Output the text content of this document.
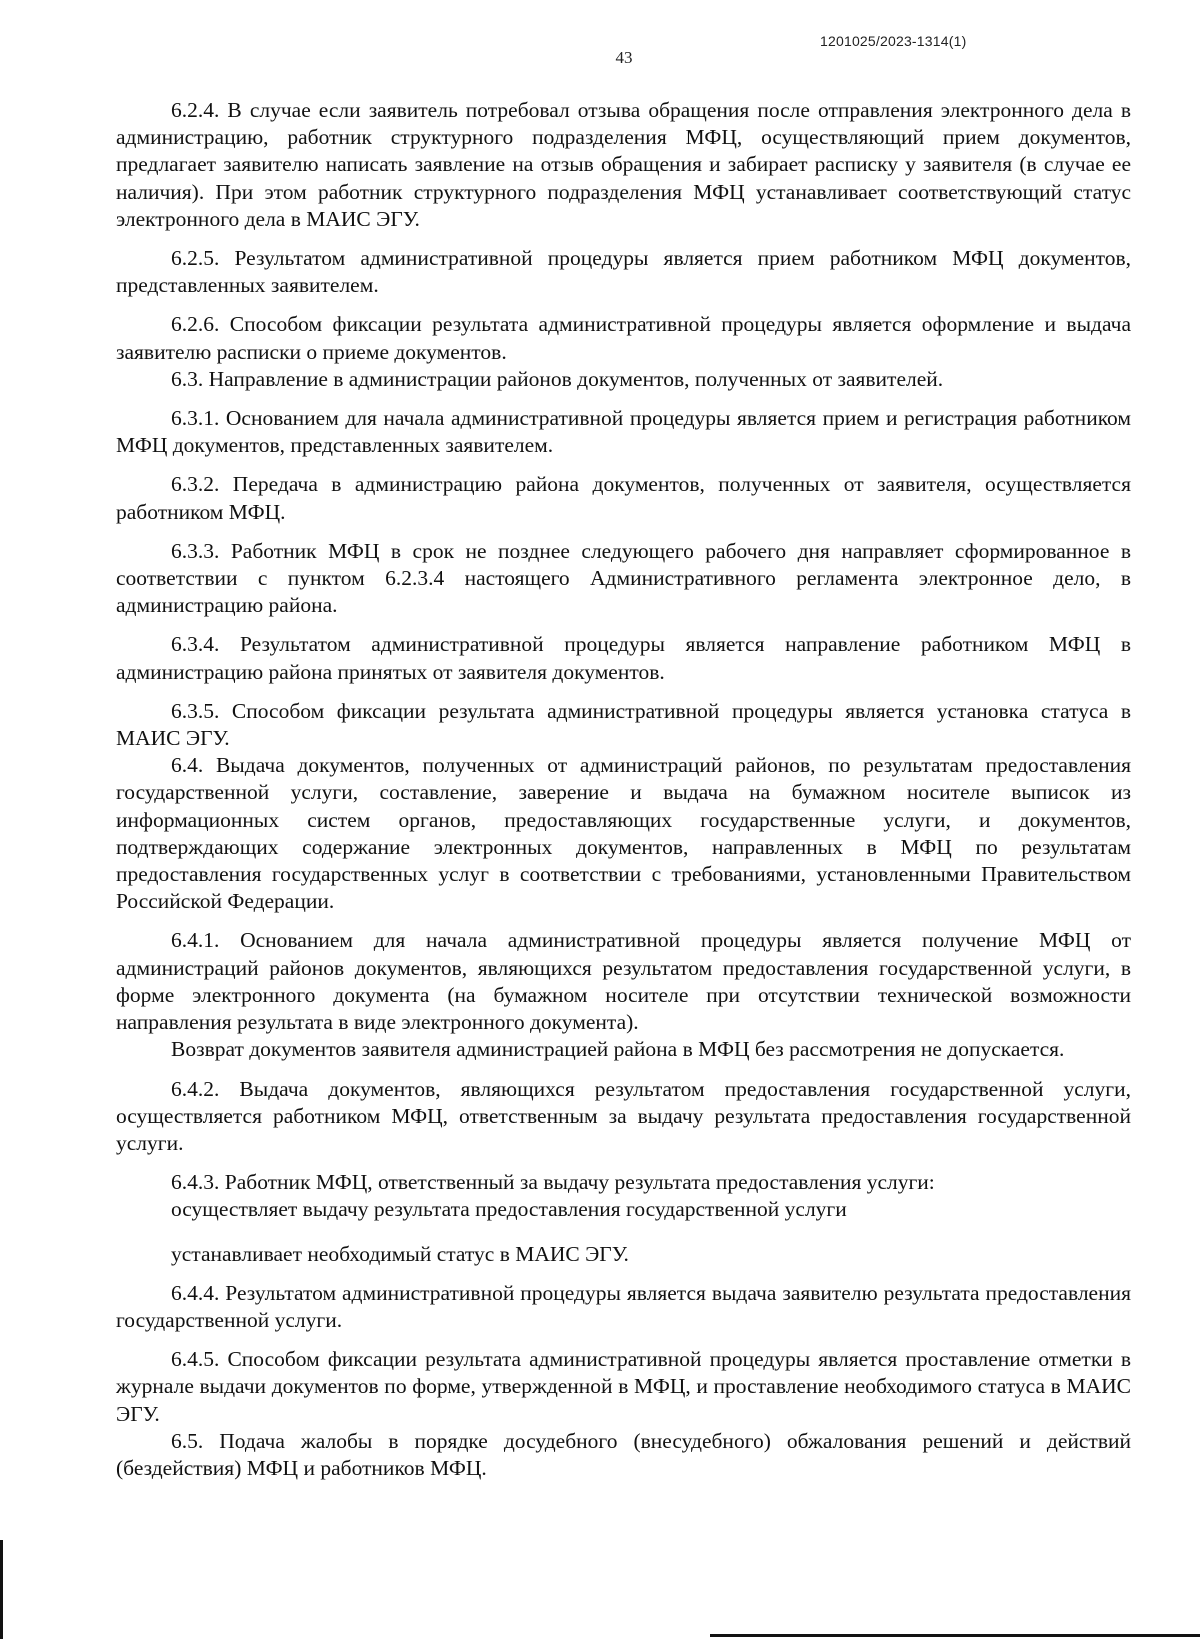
1201025/2023-1314(1)
43

6.2.4. В случае если заявитель потребовал отзыва обращения после отправления электронного дела в администрацию, работник структурного подразделения МФЦ, осуществляющий прием документов, предлагает заявителю написать заявление на отзыв обращения и забирает расписку у заявителя (в случае ее наличия). При этом работник структурного подразделения МФЦ устанавливает соответствующий статус электронного дела в МАИС ЭГУ.

6.2.5. Результатом административной процедуры является прием работником МФЦ документов, представленных заявителем.

6.2.6. Способом фиксации результата административной процедуры является оформление и выдача заявителю расписки о приеме документов.

6.3. Направление в администрации районов документов, полученных от заявителей.

6.3.1. Основанием для начала административной процедуры является прием и регистрация работником МФЦ документов, представленных заявителем.

6.3.2. Передача в администрацию района документов, полученных от заявителя, осуществляется работником МФЦ.

6.3.3. Работник МФЦ в срок не позднее следующего рабочего дня направляет сформированное в соответствии с пунктом 6.2.3.4 настоящего Административного регламента электронное дело, в администрацию района.

6.3.4. Результатом административной процедуры является направление работником МФЦ в администрацию района принятых от заявителя документов.

6.3.5. Способом фиксации результата административной процедуры является установка статуса в МАИС ЭГУ.

6.4. Выдача документов, полученных от администраций районов, по результатам предоставления государственной услуги, составление, заверение и выдача на бумажном носителе выписок из информационных систем органов, предоставляющих государственные услуги, и документов, подтверждающих содержание электронных документов, направленных в МФЦ по результатам предоставления государственных услуг в соответствии с требованиями, установленными Правительством Российской Федерации.

6.4.1. Основанием для начала административной процедуры является получение МФЦ от администраций районов документов, являющихся результатом предоставления государственной услуги, в форме электронного документа (на бумажном носителе при отсутствии технической возможности направления результата в виде электронного документа).

Возврат документов заявителя администрацией района в МФЦ без рассмотрения не допускается.

6.4.2. Выдача документов, являющихся результатом предоставления государственной услуги, осуществляется работником МФЦ, ответственным за выдачу результата предоставления государственной услуги.

6.4.3. Работник МФЦ, ответственный за выдачу результата предоставления услуги:

осуществляет выдачу результата предоставления государственной услуги

устанавливает необходимый статус в МАИС ЭГУ.

6.4.4. Результатом административной процедуры является выдача заявителю результата предоставления государственной услуги.

6.4.5. Способом фиксации результата административной процедуры является проставление отметки в журнале выдачи документов по форме, утвержденной в МФЦ, и проставление необходимого статуса в МАИС ЭГУ.

6.5. Подача жалобы в порядке досудебного (внесудебного) обжалования решений и действий (бездействия) МФЦ и работников МФЦ.
